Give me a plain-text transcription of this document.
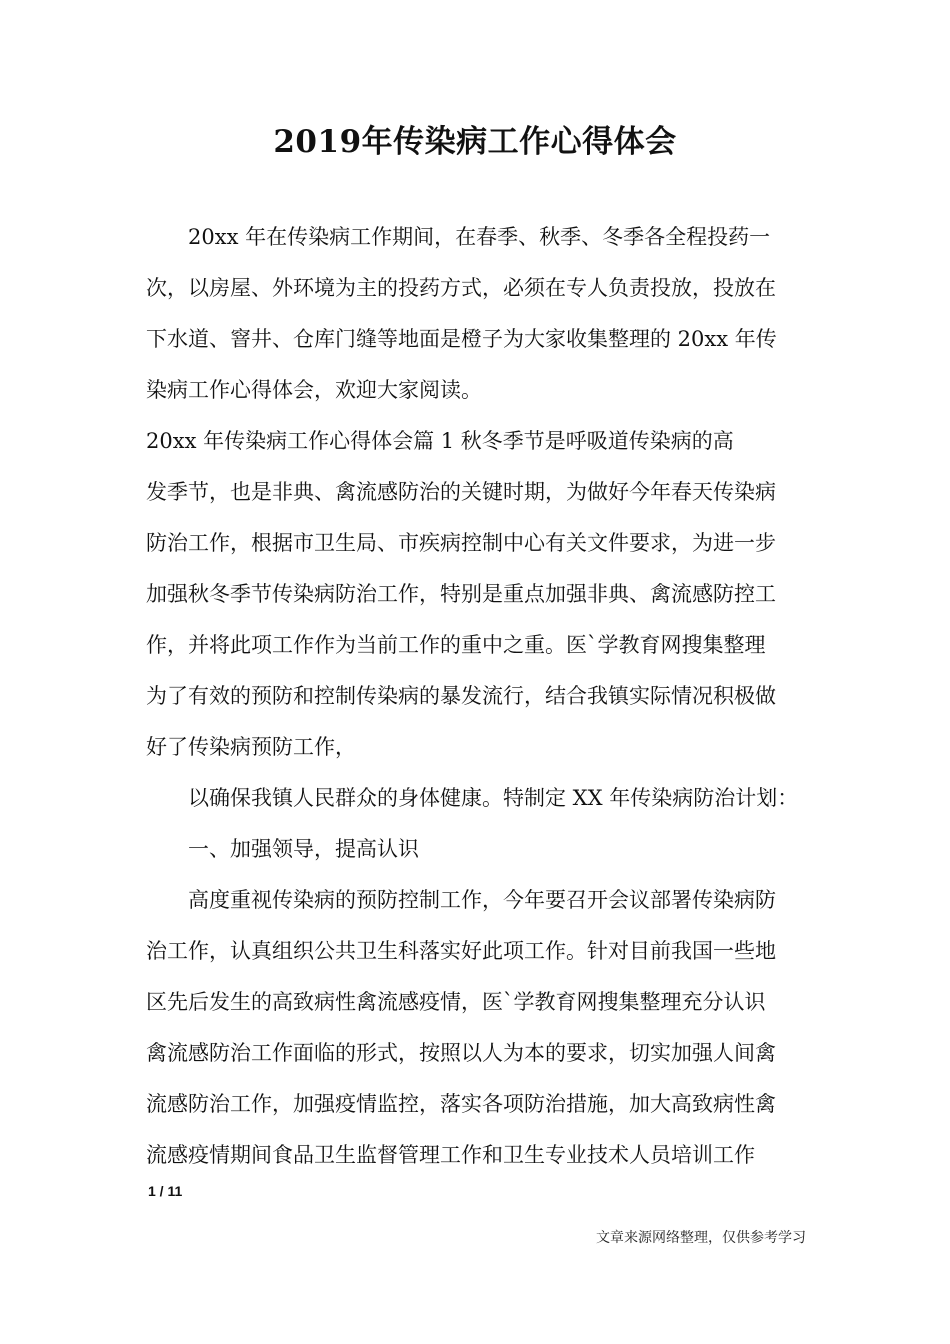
2019年传染病工作心得体会
20xx 年在传染病工作期间，在春季、秋季、冬季各全程投药一
次，以房屋、外环境为主的投药方式，必须在专人负责投放，投放在
下水道、窨井、仓库门缝等地面是橙子为大家收集整理的 20xx 年传
染病工作心得体会，欢迎大家阅读。
20xx 年传染病工作心得体会篇 1 秋冬季节是呼吸道传染病的高
发季节，也是非典、禽流感防治的关键时期，为做好今年春天传染病
防治工作，根据市卫生局、市疾病控制中心有关文件要求，为进一步
加强秋冬季节传染病防治工作，特别是重点加强非典、禽流感防控工
作，并将此项工作作为当前工作的重中之重。医`学教育网搜集整理
为了有效的预防和控制传染病的暴发流行，结合我镇实际情况积极做
好了传染病预防工作，
以确保我镇人民群众的身体健康。特制定 XX 年传染病防治计划：
一、加强领导，提高认识
高度重视传染病的预防控制工作，今年要召开会议部署传染病防
治工作，认真组织公共卫生科落实好此项工作。针对目前我国一些地
区先后发生的高致病性禽流感疫情，医`学教育网搜集整理充分认识
禽流感防治工作面临的形式，按照以人为本的要求，切实加强人间禽
流感防治工作，加强疫情监控，落实各项防治措施，加大高致病性禽
流感疫情期间食品卫生监督管理工作和卫生专业技术人员培训工作
1 / 11
文章来源网络整理，仅供参考学习
